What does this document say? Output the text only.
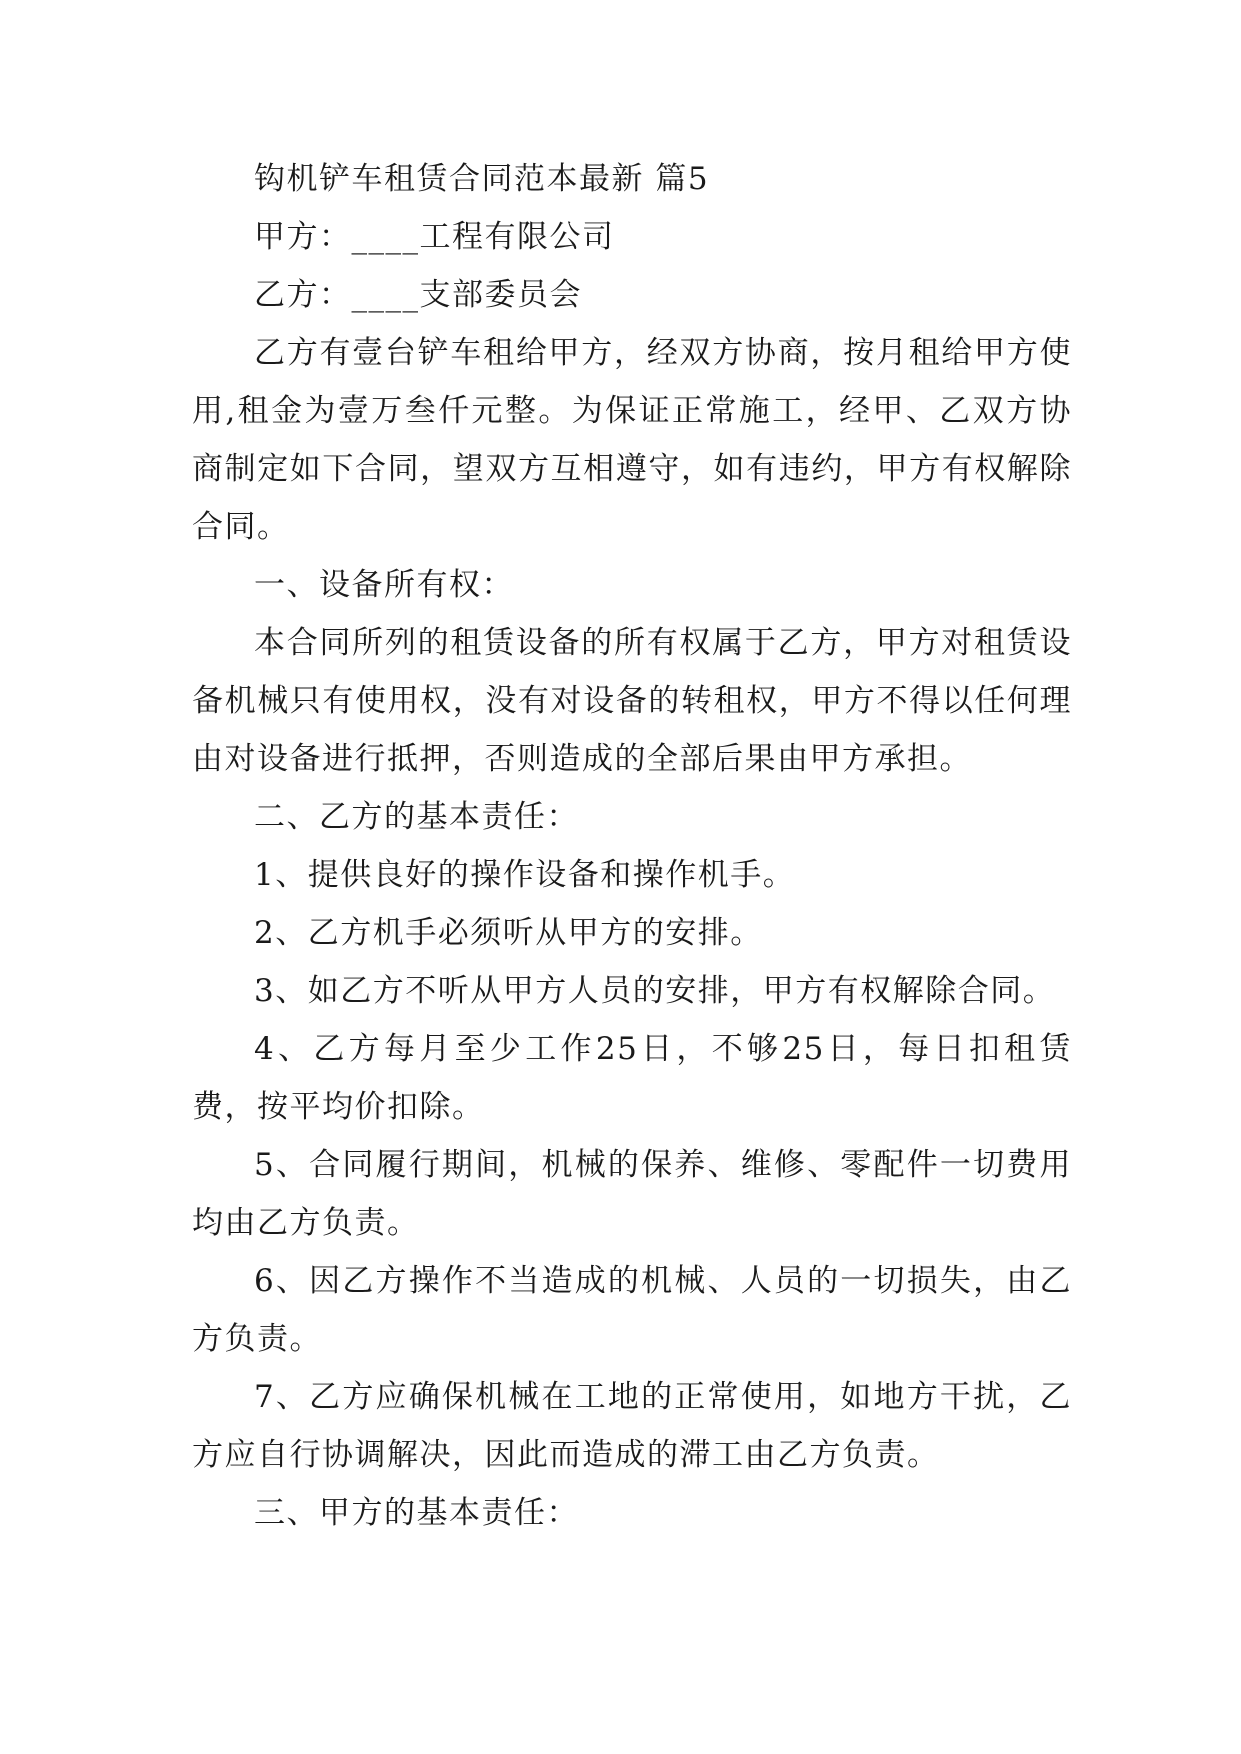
钩机铲车租赁合同范本最新 篇5

甲方：____工程有限公司

乙方：____支部委员会

乙方有壹台铲车租给甲方，经双方协商，按月租给甲方使用,租金为壹万叁仟元整。为保证正常施工，经甲、乙双方协商制定如下合同，望双方互相遵守，如有违约，甲方有权解除合同。

一、设备所有权：

本合同所列的租赁设备的所有权属于乙方，甲方对租赁设备机械只有使用权，没有对设备的转租权，甲方不得以任何理由对设备进行抵押，否则造成的全部后果由甲方承担。

二、乙方的基本责任：

1、提供良好的操作设备和操作机手。

2、乙方机手必须听从甲方的安排。

3、如乙方不听从甲方人员的安排，甲方有权解除合同。

4、乙方每月至少工作25日，不够25日，每日扣租赁费，按平均价扣除。

5、合同履行期间，机械的保养、维修、零配件一切费用均由乙方负责。

6、因乙方操作不当造成的机械、人员的一切损失，由乙方负责。

7、乙方应确保机械在工地的正常使用，如地方干扰，乙方应自行协调解决，因此而造成的滞工由乙方负责。

三、甲方的基本责任：
